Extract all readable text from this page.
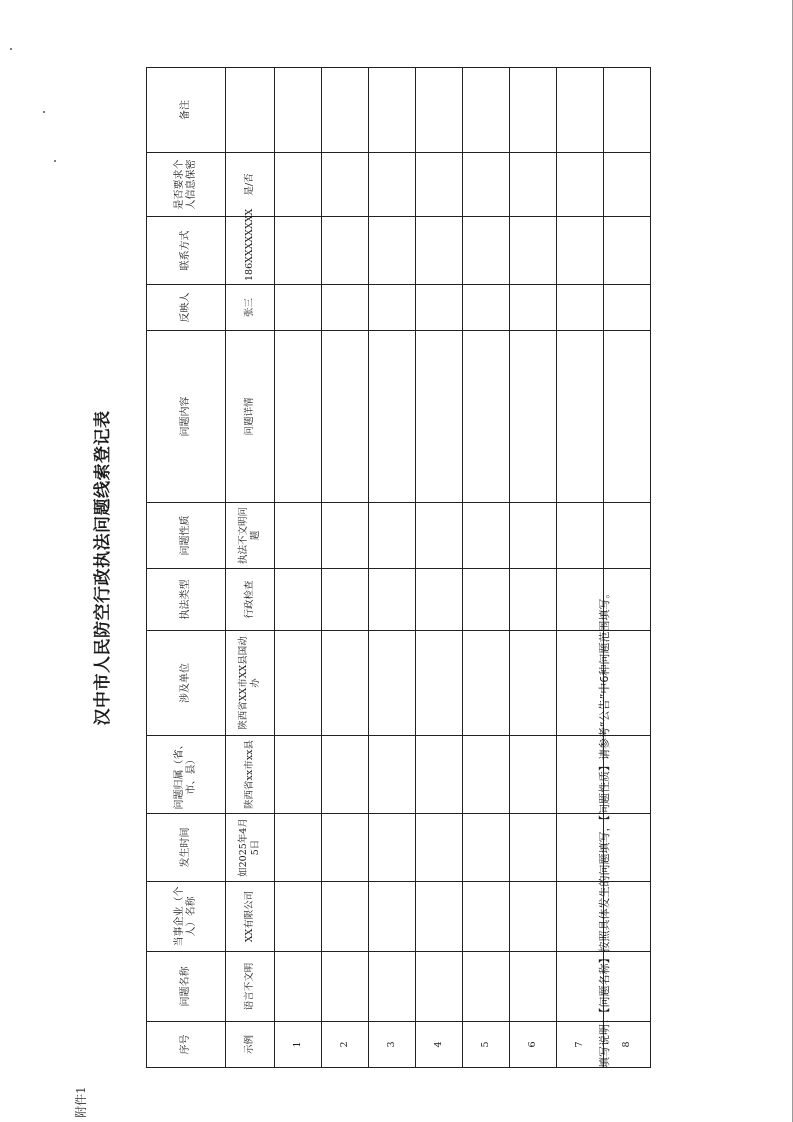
附件1
汉中市人民防空行政执法问题线索登记表
序号	问题名称	当事企业（个人）名称	发生时间	问题归属（省、市、县）	涉及单位	执法类型	问题性质	问题内容	反映人	联系方式	是否要求个人信息保密	备注
示例	语言不文明	XX有限公司	如2025年4月5日	陕西省xx市xx县	陕西省XX市XX县国动办	行政检查	执法不文明问题	问题详情	张三	186XXXXXXXX	是/否	
1												
2												
3												
4												
5												
6												
7												
8												
填写说明：【问题名称】按照具体发生的问题填写，【问题性质】请参考“公告”中6种问题范围填写。
